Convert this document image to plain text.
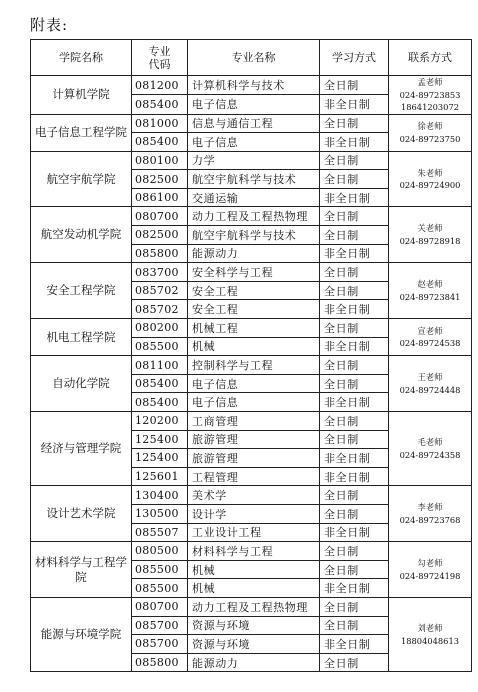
附表:
学院名称	专业代码	专业名称	学习方式	联系方式
计算机学院	081200	计算机科学与技术	全日制	孟老师
024-89723853
18641203072

	085400	电子信息	非全日制	
电子信息工程学院	081000	信息与通信工程	全日制	徐老师
024-89723750

	085400	电子信息	非全日制	
航空宇航学院	080100	力学	全日制	朱老师
024-89724900

	082500	航空宇航科学与技术	全日制	
	086100	交通运输	非全日制	
航空发动机学院	080700	动力工程及工程热物理	全日制	关老师
024-89728918

	082500	航空宇航科学与技术	全日制	
	085800	能源动力	非全日制	
安全工程学院	083700	安全科学与工程	全日制	赵老师
024-89723841

	085702	安全工程	全日制	
	085702	安全工程	非全日制	
机电工程学院	080200	机械工程	全日制	宣老师
024-89724538

	085500	机械	非全日制	
自动化学院	081100	控制科学与工程	全日制	王老师
024-89724448

	085400	电子信息	全日制	
	085400	电子信息	非全日制	
经济与管理学院	120200	工商管理	全日制	毛老师
024-89724358

	125400	旅游管理	全日制	
	125400	旅游管理	非全日制	
	125601	工程管理	非全日制	
设计艺术学院	130400	美术学	全日制	李老师
024-89723768

	130500	设计学	全日制	
	085507	工业设计工程	非全日制	
材料科学与工程学院	080500	材料科学与工程	全日制	勾老师
024-89724198

	085500	机械	全日制	
	085500	机械	非全日制	
能源与环境学院	080700	动力工程及工程热物理	全日制	刘老师
18804048613

	085700	资源与环境	全日制	
	085700	资源与环境	非全日制	
	085800	能源动力	全日制	
